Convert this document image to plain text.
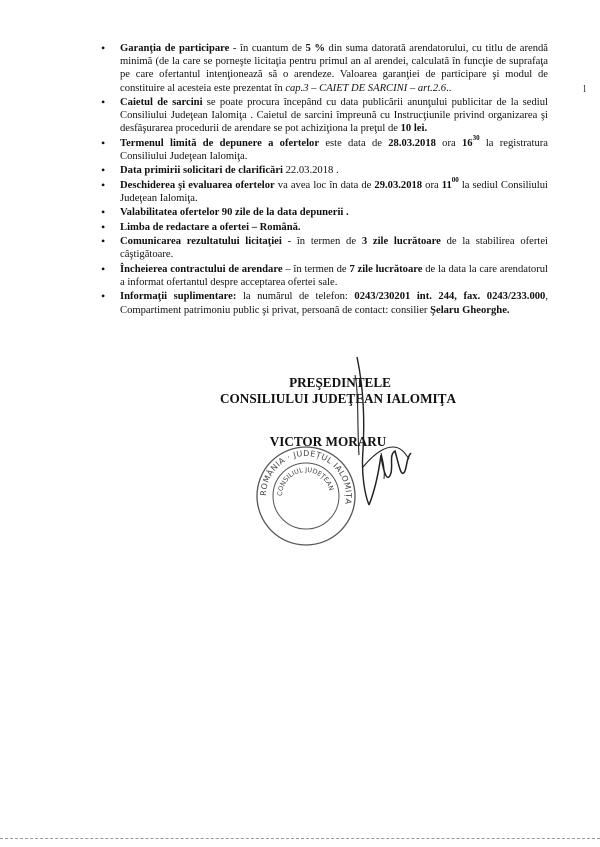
• Garanţia de participare - în cuantum de 5 % din suma datorată arendatorului, cu titlu de arendă minimă (de la care se porneşte licitaţia pentru primul an al arendei, calculată în funcţie de suprafaţa pe care ofertantul intenţionează să o arendeze. Valoarea garanţiei de participare şi modul de constituire al acesteia este prezentat în cap.3 – CAIET DE SARCINI – art.2.6..
• Caietul de sarcini se poate procura începând cu data publicării anunţului publicitar de la sediul Consiliului Judeţean Ialomiţa . Caietul de sarcini împreună cu Instrucţiunile privind organizarea şi desfăşurarea procedurii de arendare se pot achiziţiona la preţul de 10 lei.
• Termenul limită de depunere a ofertelor este data de 28.03.2018 ora $16^{30}$ la registratura Consiliului Judeţean Ialomiţa.
• Data primirii solicitari de clarificări 22.03.2018 .
• Deschiderea şi evaluarea ofertelor va avea loc în data de 29.03.2018 ora $11^{00}$ la sediul Consiliului Judeţean Ialomiţa.
• Valabilitatea ofertelor 90 zile de la data depunerii .
• Limba de redactare a ofertei – Română.
• Comunicarea rezultatului licitaţiei - în termen de 3 zile lucrătoare de la stabilirea ofertei câştigătoare.
• Încheierea contractului de arendare – în termen de 7 zile lucrătoare de la data la care arendatorul a informat ofertantul despre acceptarea ofertei sale.
• Informaţii suplimentare: la numărul de telefon: 0243/230201 int. 244, fax. 0243/233.000, Compartiment patrimoniu public şi privat, persoană de contact: consilier Şelaru Gheorghe.
l
PREŞEDINTELE
CONSILIULUI JUDEŢEAN IALOMIŢA
VICTOR MORARU
ROMÂNIA · JUDEȚUL IALOMIȚA
CONSILIUL JUDEȚEAN
